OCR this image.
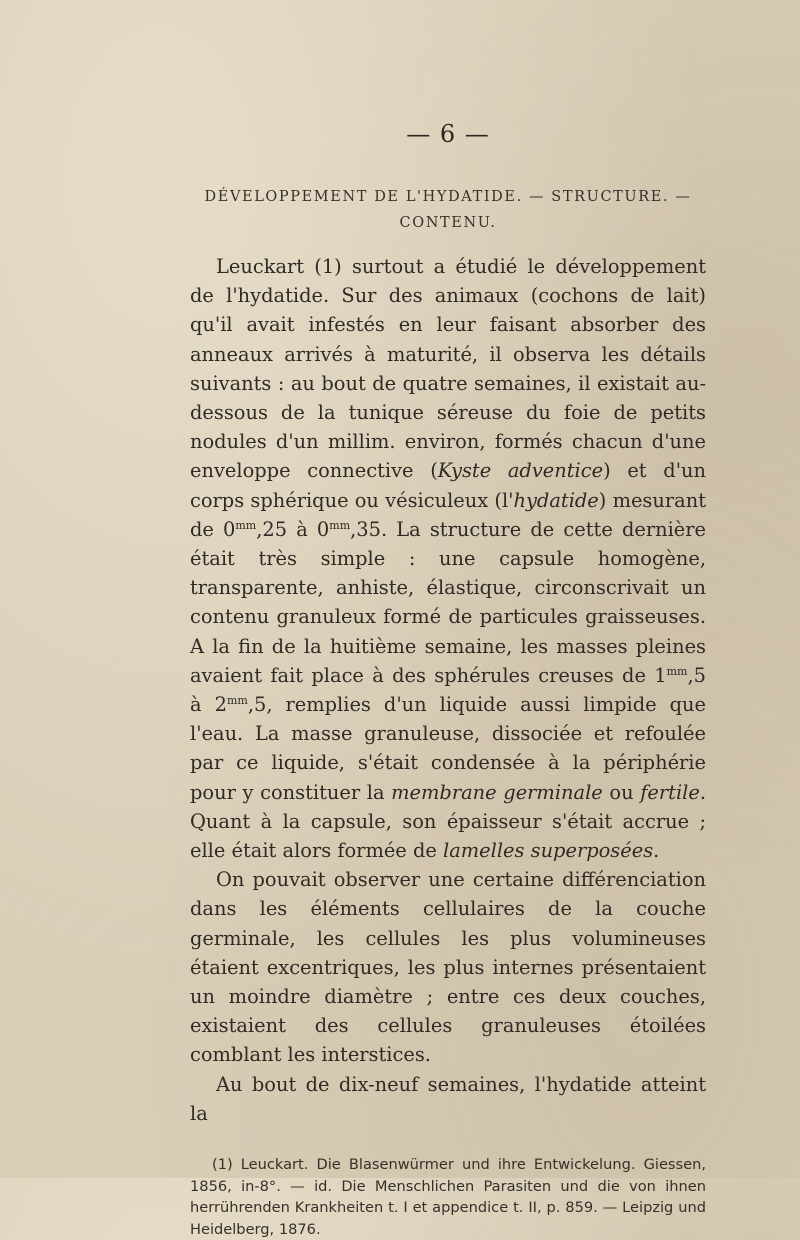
— 6 —
DÉVELOPPEMENT DE L'HYDATIDE. — STRUCTURE. —
CONTENU.

Leuckart (1) surtout a étudié le développement de l'hydatide. Sur des animaux (cochons de lait) qu'il avait infestés en leur faisant absorber des anneaux arrivés à maturité, il observa les détails suivants : au bout de quatre semaines, il existait au-dessous de la tunique séreuse du foie de petits nodules d'un millim. environ, formés chacun d'une enveloppe connective (Kyste adventice) et d'un corps sphérique ou vésiculeux (l'hydatide) mesurant de $0^{mm},25$ à $0^{mm},35$. La structure de cette dernière était très simple : une capsule homogène, transparente, anhiste, élastique, circonscrivait un contenu granuleux formé de particules graisseuses. A la fin de la huitième semaine, les masses pleines avaient fait place à des sphérules creuses de $1^{mm},5$ à $2^{mm},5$, remplies d'un liquide aussi limpide que l'eau. La masse granuleuse, dissociée et refoulée par ce liquide, s'était condensée à la périphérie pour y constituer la membrane germinale ou fertile. Quant à la capsule, son épaisseur s'était accrue ; elle était alors formée de lamelles superposées.

On pouvait observer une certaine différenciation dans les éléments cellulaires de la couche germinale, les cellules les plus volumineuses étaient excentriques, les plus internes présentaient un moindre diamètre ; entre ces deux couches, existaient des cellules granuleuses étoilées comblant les interstices.

Au bout de dix-neuf semaines, l'hydatide atteint la

(1) Leuckart. Die Blasenwürmer und ihre Entwickelung. Giessen, 1856, in-8°. — id. Die Menschlichen Parasiten und die von ihnen herrührenden Krankheiten t. I et appendice t. II, p. 859. — Leipzig und Heidelberg, 1876.
